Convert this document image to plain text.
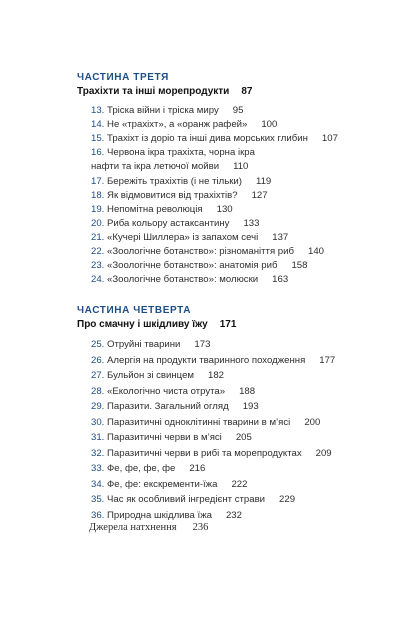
ЧАСТИНА ТРЕТЯ
Трахіхти та інші морепродукти 87
13. Тріска війни і тріска миру 95
14. Не «трахіхт», а «оранж рафей» 100
15. Трахіхт із доріо та інші дива морських глибин 107
16. Червона ікра трахіхта, чорна ікра
нафти та ікра летючої мойви 110
17. Бережіть трахіхтів (і не тільки) 119
18. Як відмовитися від трахіхтів? 127
19. Непомітна революція 130
20. Риба кольору астаксантину 133
21. «Кучері Шиллера» із запахом сечі 137
22. «Зоологічне ботанство»: різноманіття риб 140
23. «Зоологічне ботанство»: анатомія риб 158
24. «Зоологічне ботанство»: молюски 163
ЧАСТИНА ЧЕТВЕРТА
Про смачну і шкідливу їжу 171
25. Отруйні тварини 173
26. Алергія на продукти тваринного походження 177
27. Бульйон зі свинцем 182
28. «Екологічно чиста отрута» 188
29. Паразити. Загальний огляд 193
30. Паразитичні одноклітинні тварини в м’ясі 200
31. Паразитичні черви в м’ясі 205
32. Паразитичні черви в рибі та морепродуктах 209
33. Фе, фе, фе, фе 216
34. Фе, фе: екскременти-їжа 222
35. Час як особливий інгредієнт страви 229
36. Природна шкідлива їжа 232
Джерела натхнення 236
